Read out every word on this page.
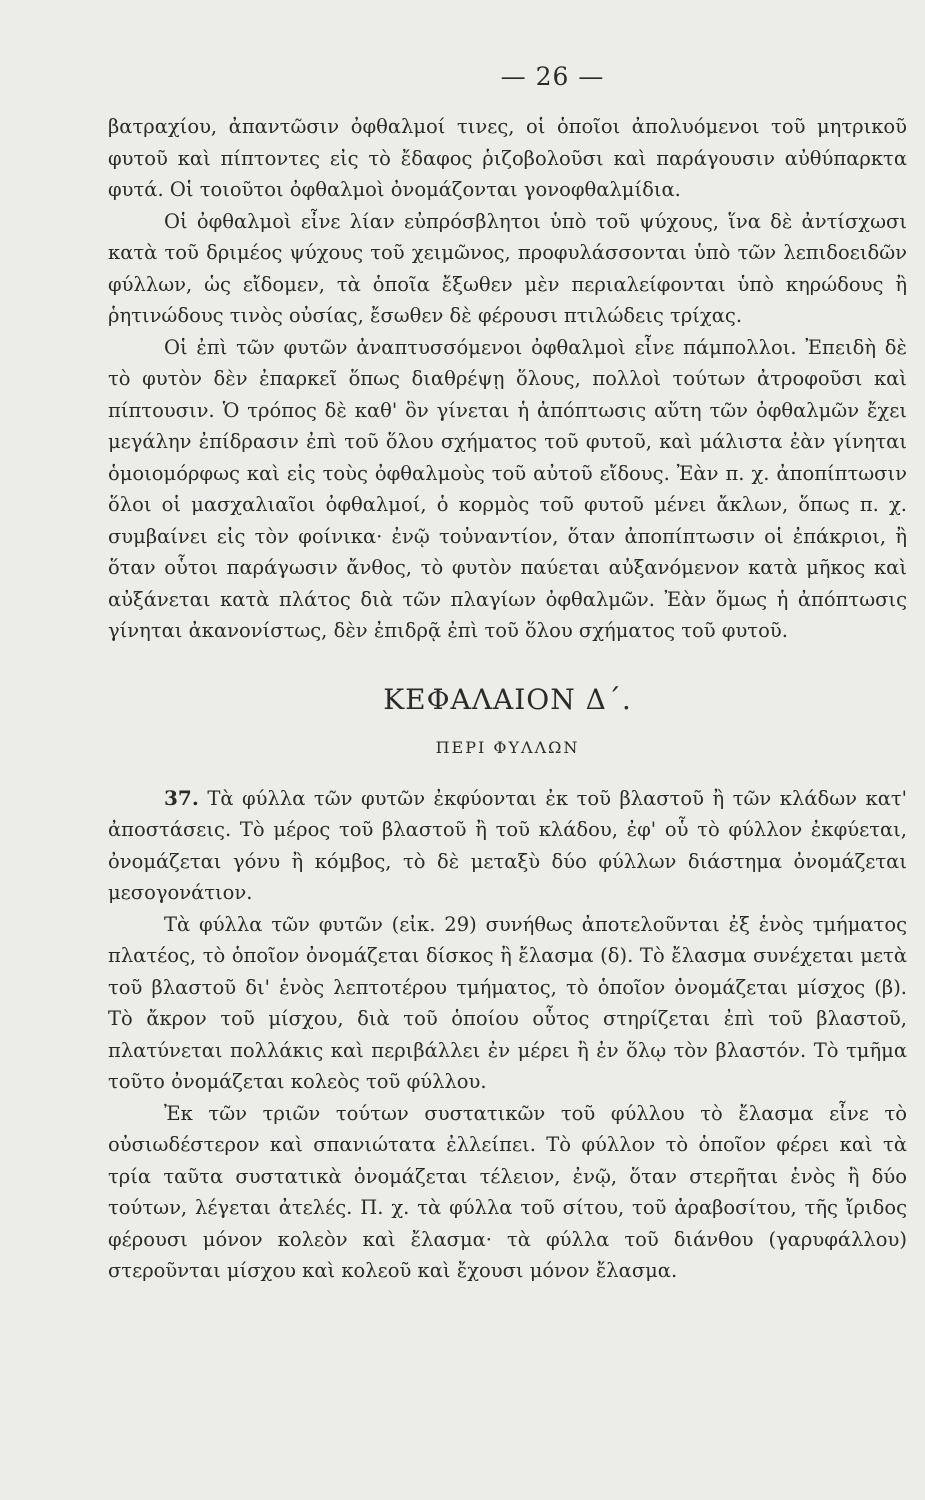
— 26 —

βατραχίου, ἀπαντῶσιν ὀφθαλμοί τινες, οἱ ὁποῖοι ἀπολυόμενοι τοῦ μητρικοῦ φυτοῦ καὶ πίπτοντες εἰς τὸ ἔδαφος ῥιζοβολοῦσι καὶ παράγουσιν αὐθύπαρκτα φυτά. Οἱ τοιοῦτοι ὀφθαλμοὶ ὀνομάζονται γονοφθαλμίδια.

Οἱ ὀφθαλμοὶ εἶνε λίαν εὐπρόσβλητοι ὑπὸ τοῦ ψύχους, ἵνα δὲ ἀντίσχωσι κατὰ τοῦ δριμέος ψύχους τοῦ χειμῶνος, προφυλάσσονται ὑπὸ τῶν λεπιδοειδῶν φύλλων, ὡς εἴδομεν, τὰ ὁποῖα ἔξωθεν μὲν περιαλείφονται ὑπὸ κηρώδους ἢ ῥητινώδους τινὸς οὐσίας, ἔσωθεν δὲ φέρουσι πτιλώδεις τρίχας.

Οἱ ἐπὶ τῶν φυτῶν ἀναπτυσσόμενοι ὀφθαλμοὶ εἶνε πάμπολλοι. Ἐπειδὴ δὲ τὸ φυτὸν δὲν ἐπαρκεῖ ὅπως διαθρέψῃ ὅλους, πολλοὶ τούτων ἀτροφοῦσι καὶ πίπτουσιν. Ὁ τρόπος δὲ καθ' ὃν γίνεται ἡ ἀπόπτωσις αὕτη τῶν ὀφθαλμῶν ἔχει μεγάλην ἐπίδρασιν ἐπὶ τοῦ ὅλου σχήματος τοῦ φυτοῦ, καὶ μάλιστα ἐὰν γίνηται ὁμοιομόρφως καὶ εἰς τοὺς ὀφθαλμοὺς τοῦ αὐτοῦ εἴδους. Ἐὰν π. χ. ἀποπίπτωσιν ὅλοι οἱ μασχαλιαῖοι ὀφθαλμοί, ὁ κορμὸς τοῦ φυτοῦ μένει ἄκλων, ὅπως π. χ. συμβαίνει εἰς τὸν φοίνικα· ἐνῷ τοὐναντίον, ὅταν ἀποπίπτωσιν οἱ ἐπάκριοι, ἢ ὅταν οὗτοι παράγωσιν ἄνθος, τὸ φυτὸν παύεται αὐξανόμενον κατὰ μῆκος καὶ αὐξάνεται κατὰ πλάτος διὰ τῶν πλαγίων ὀφθαλμῶν. Ἐὰν ὅμως ἡ ἀπόπτωσις γίνηται ἀκανονίστως, δὲν ἐπιδρᾷ ἐπὶ τοῦ ὅλου σχήματος τοῦ φυτοῦ.

ΚΕΦΑΛΑΙΟΝ Δ΄.
ΠΕΡΙ ΦΥΛΛΩΝ

37. Τὰ φύλλα τῶν φυτῶν ἐκφύονται ἐκ τοῦ βλαστοῦ ἢ τῶν κλάδων κατ' ἀποστάσεις. Τὸ μέρος τοῦ βλαστοῦ ἢ τοῦ κλάδου, ἐφ' οὗ τὸ φύλλον ἐκφύεται, ὀνομάζεται γόνυ ἢ κόμβος, τὸ δὲ μεταξὺ δύο φύλλων διάστημα ὀνομάζεται μεσογονάτιον.

Τὰ φύλλα τῶν φυτῶν (εἰκ. 29) συνήθως ἀποτελοῦνται ἐξ ἑνὸς τμήματος πλατέος, τὸ ὁποῖον ὀνομάζεται δίσκος ἢ ἔλασμα (δ). Τὸ ἔλασμα συνέχεται μετὰ τοῦ βλαστοῦ δι' ἑνὸς λεπτοτέρου τμήματος, τὸ ὁποῖον ὀνομάζεται μίσχος (β). Τὸ ἄκρον τοῦ μίσχου, διὰ τοῦ ὁποίου οὗτος στηρίζεται ἐπὶ τοῦ βλαστοῦ, πλατύνεται πολλάκις καὶ περιβάλλει ἐν μέρει ἢ ἐν ὅλῳ τὸν βλαστόν. Τὸ τμῆμα τοῦτο ὀνομάζεται κολεὸς τοῦ φύλλου.

Ἐκ τῶν τριῶν τούτων συστατικῶν τοῦ φύλλου τὸ ἔλασμα εἶνε τὸ οὐσιωδέστερον καὶ σπανιώτατα ἐλλείπει. Τὸ φύλλον τὸ ὁποῖον φέρει καὶ τὰ τρία ταῦτα συστατικὰ ὀνομάζεται τέλειον, ἐνῷ, ὅταν στερῆται ἑνὸς ἢ δύο τούτων, λέγεται ἀτελές. Π. χ. τὰ φύλλα τοῦ σίτου, τοῦ ἀραβοσίτου, τῆς ἴριδος φέρουσι μόνον κολεὸν καὶ ἔλασμα· τὰ φύλλα τοῦ διάνθου (γαρυφάλλου) στεροῦνται μίσχου καὶ κολεοῦ καὶ ἔχουσι μόνον ἔλασμα.
